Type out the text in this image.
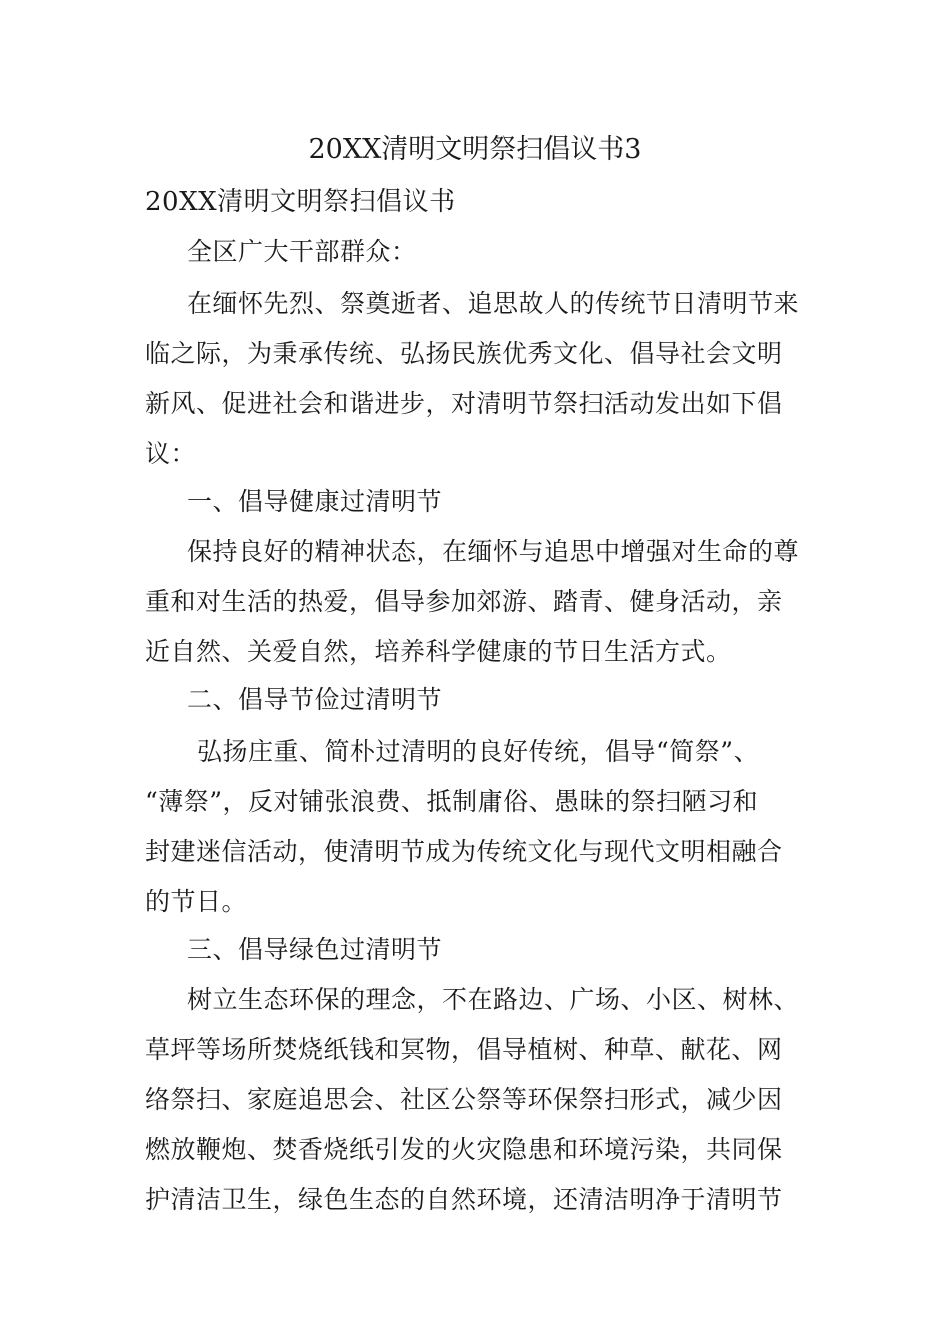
20XX清明文明祭扫倡议书3
20XX清明文明祭扫倡议书
全区广大干部群众：
在缅怀先烈、祭奠逝者、追思故人的传统节日清明节来
临之际，为秉承传统、弘扬民族优秀文化、倡导社会文明
新风、促进社会和谐进步，对清明节祭扫活动发出如下倡
议：
一、倡导健康过清明节
保持良好的精神状态，在缅怀与追思中增强对生命的尊
重和对生活的热爱，倡导参加郊游、踏青、健身活动，亲
近自然、关爱自然，培养科学健康的节日生活方式。
二、倡导节俭过清明节
弘扬庄重、简朴过清明的良好传统，倡导“简祭”、
“薄祭”，反对铺张浪费、抵制庸俗、愚昧的祭扫陋习和
封建迷信活动，使清明节成为传统文化与现代文明相融合
的节日。
三、倡导绿色过清明节
树立生态环保的理念，不在路边、广场、小区、树林、
草坪等场所焚烧纸钱和冥物，倡导植树、种草、献花、网
络祭扫、家庭追思会、社区公祭等环保祭扫形式，减少因
燃放鞭炮、焚香烧纸引发的火灾隐患和环境污染，共同保
护清洁卫生，绿色生态的自然环境，还清洁明净于清明节
